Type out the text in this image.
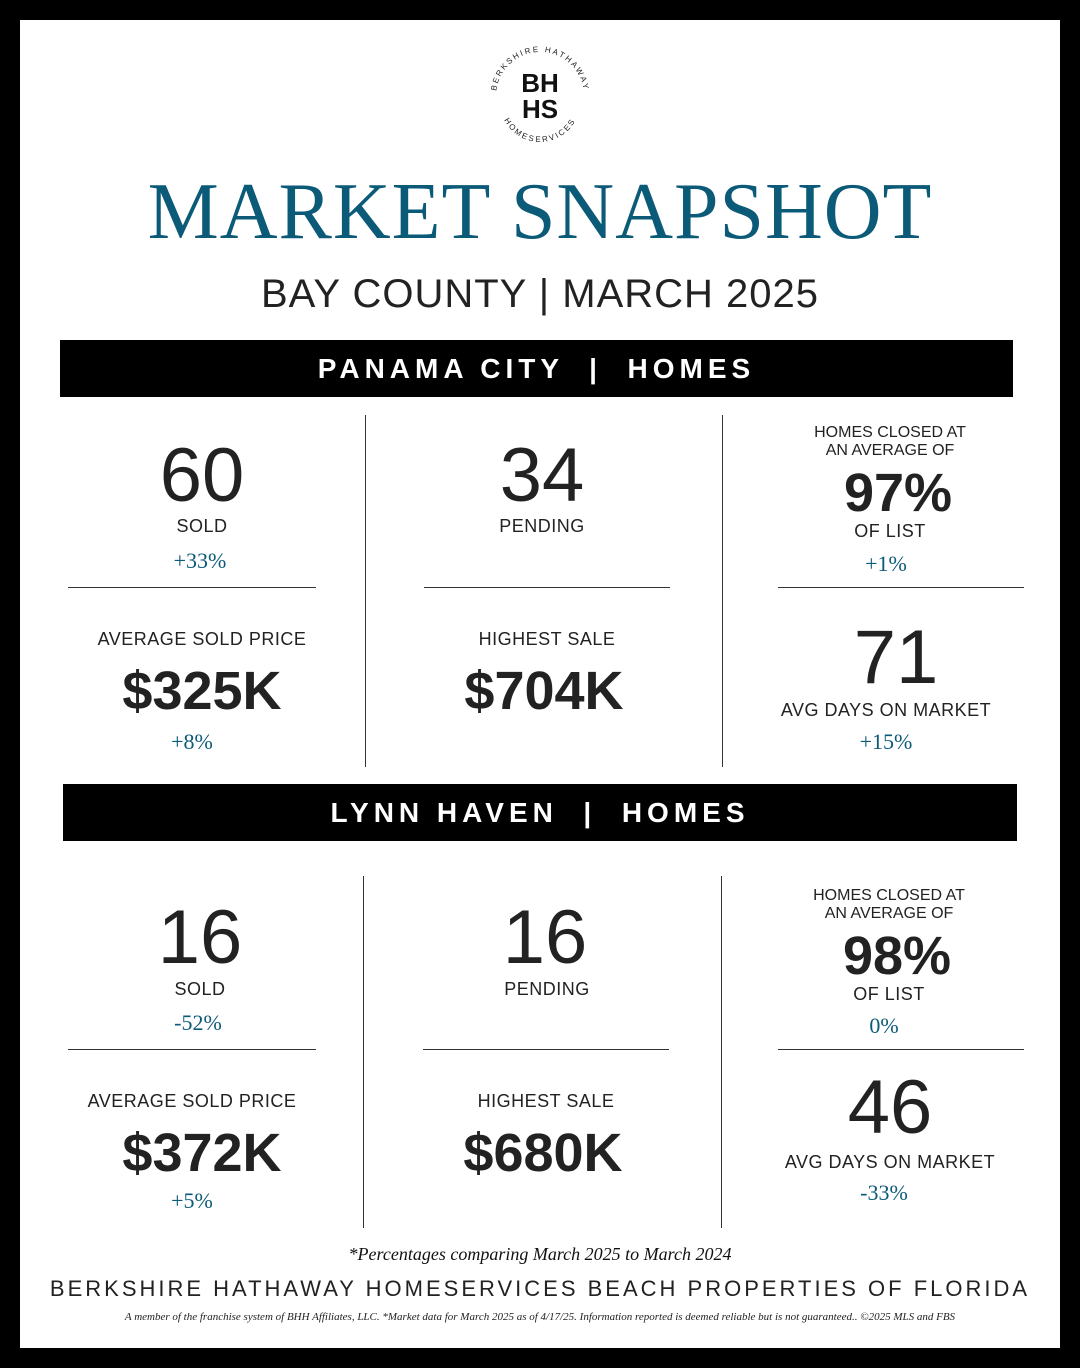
BERKSHIRE HATHAWAY
HOMESERVICES
BH
HS
MARKET SNAPSHOT
BAY COUNTY | MARCH 2025
PANAMA CITY  |  HOMES
60
SOLD
+33%
34
PENDING
HOMES CLOSED AT
AN AVERAGE OF
97%
OF LIST
+1%
AVERAGE SOLD PRICE
$325K
+8%
HIGHEST SALE
$704K	71
AVG DAYS ON MARKET
+15%
LYNN HAVEN  |  HOMES
16
SOLD
-52%
16
PENDING
HOMES CLOSED AT
AN AVERAGE OF
98%
OF LIST
0%
AVERAGE SOLD PRICE
$372K
+5%
HIGHEST SALE
$680K
46
AVG DAYS ON MARKET
-33%
*Percentages comparing March 2025 to March 2024
BERKSHIRE HATHAWAY HOMESERVICES BEACH PROPERTIES OF FLORIDA
A member of the franchise system of BHH Affiliates, LLC. *Market data for March 2025 as of 4/17/25. Information reported is deemed reliable but is not guaranteed.. ©2025 MLS and FBS
